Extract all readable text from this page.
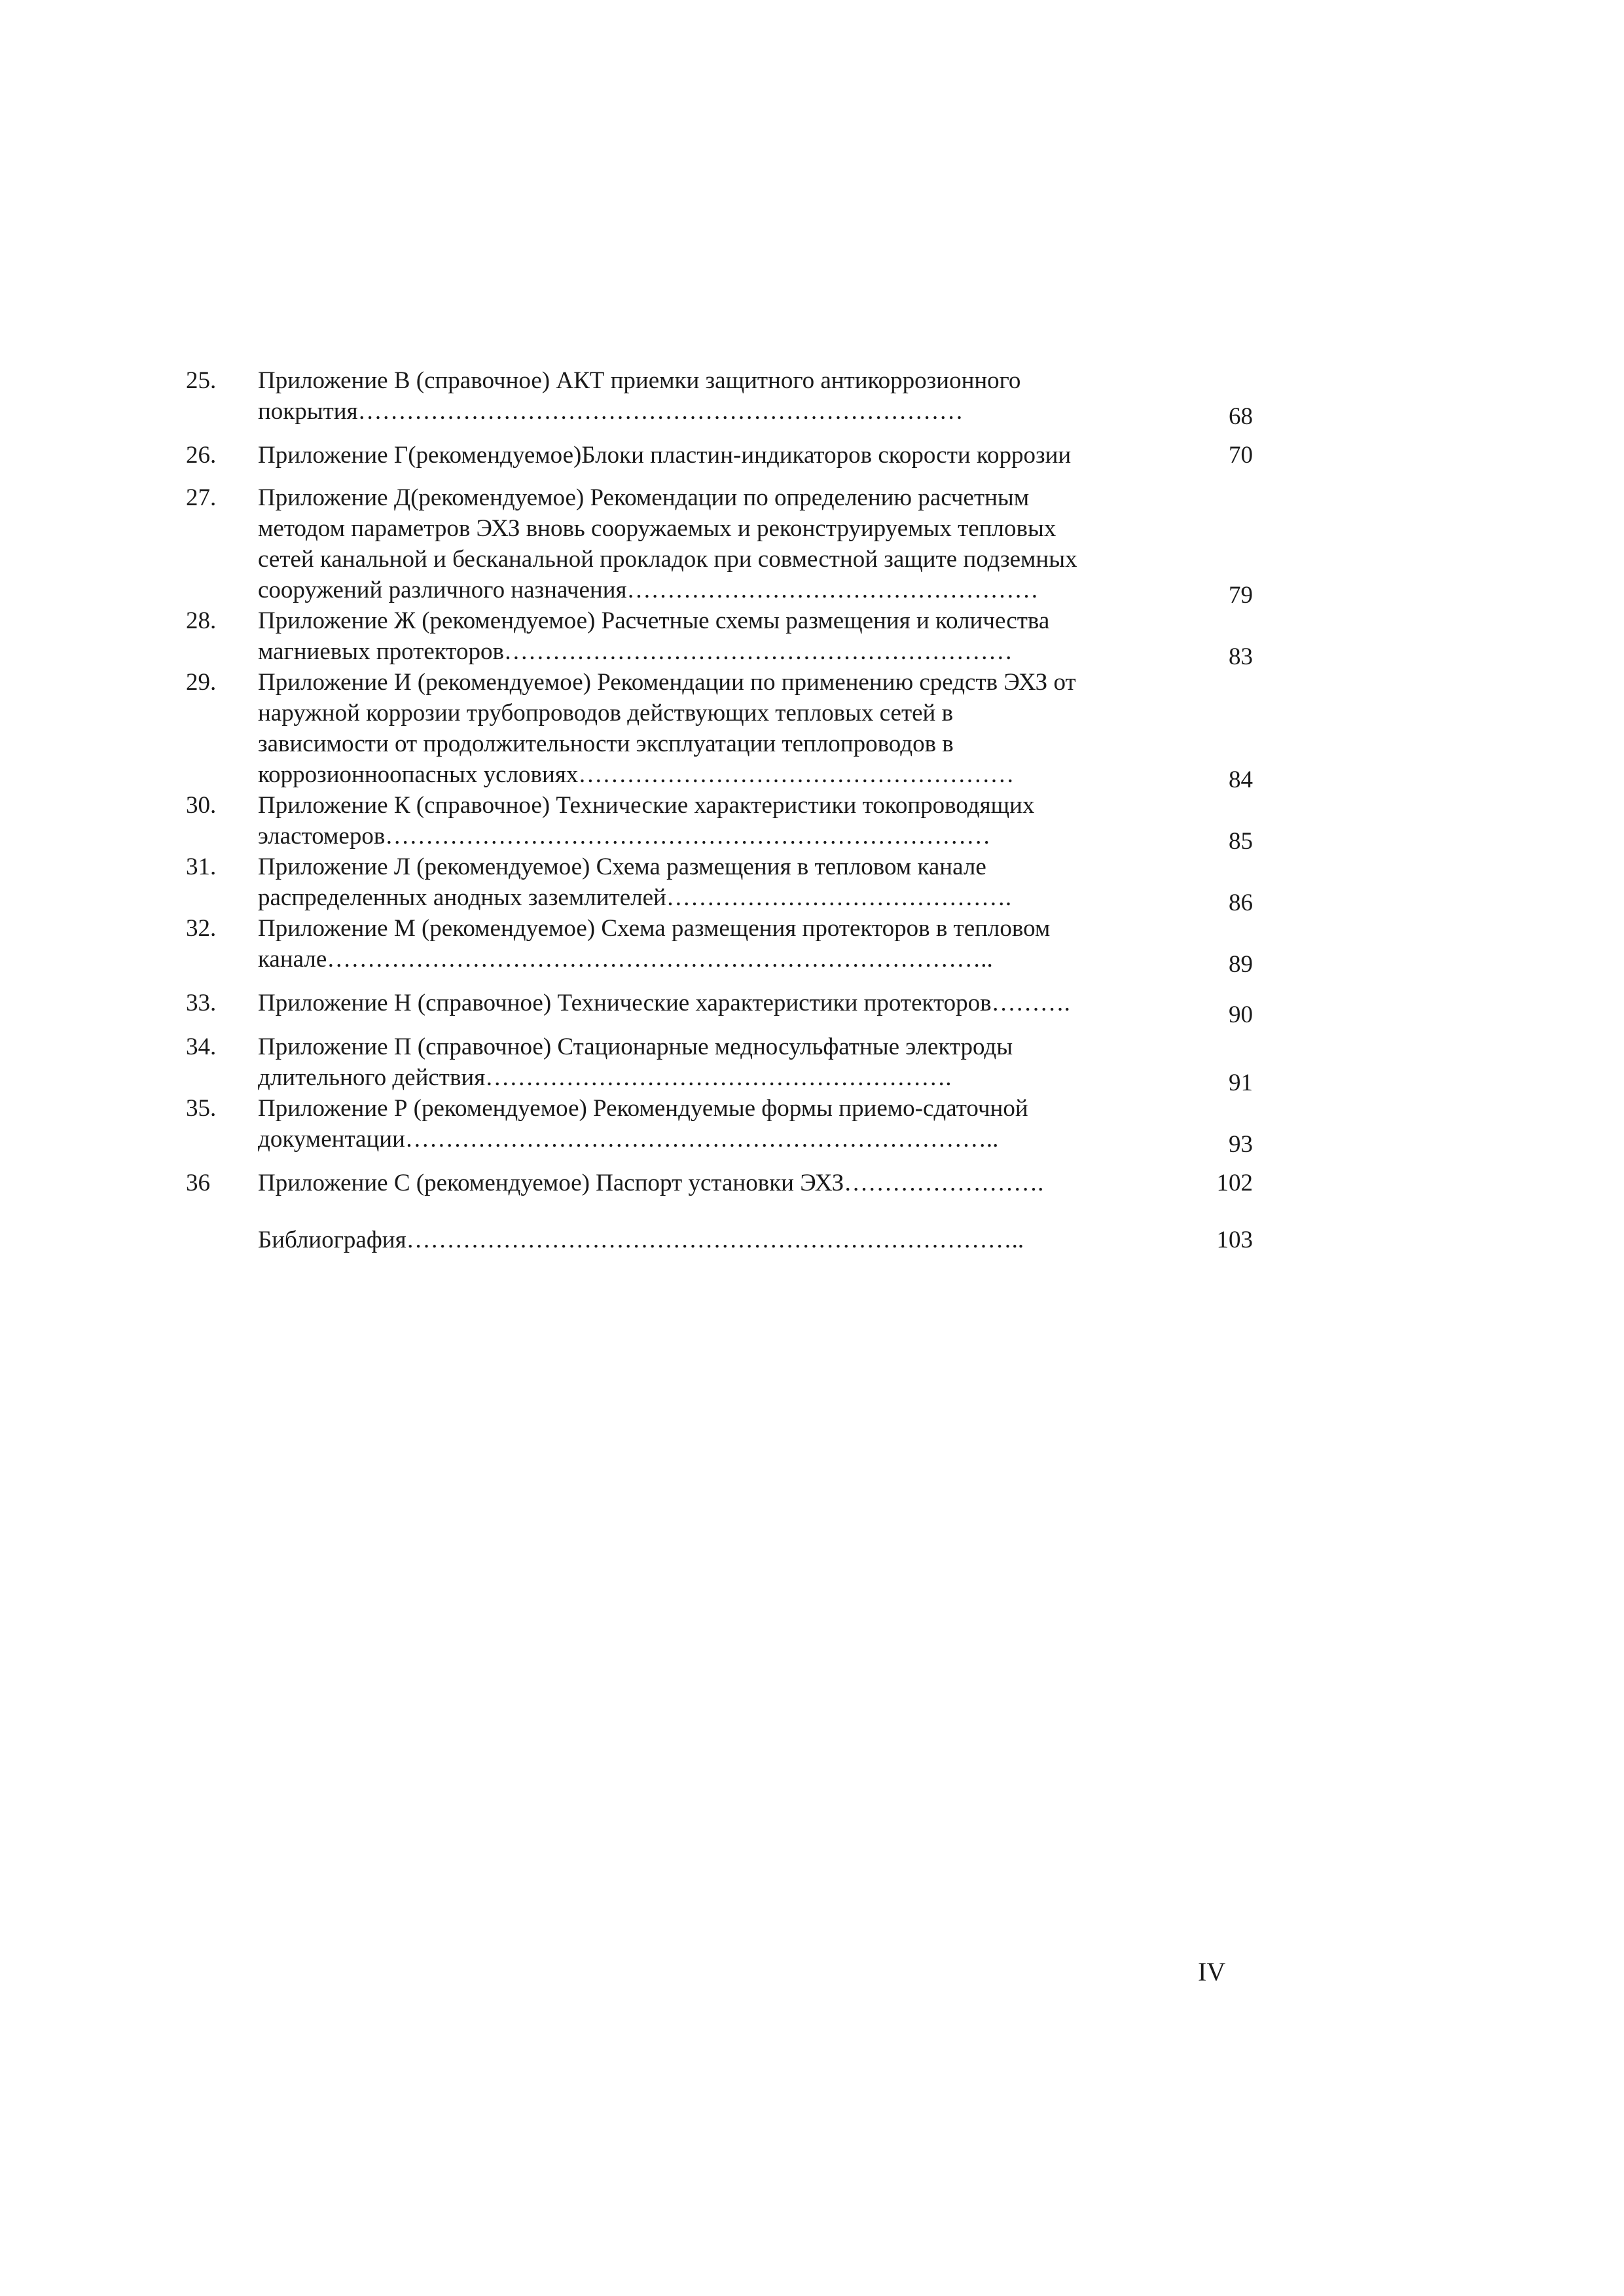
25.	Приложение В (справочное) АКТ приемки защитного антикоррозионного
покрытия…………………………………………………………………	68
26.	Приложение Г(рекомендуемое)Блоки пластин-индикаторов скорости коррозии	70
27.	Приложение Д(рекомендуемое) Рекомендации по определению расчетным
методом параметров ЭХЗ вновь сооружаемых и реконструируемых тепловых
сетей канальной и бесканальной прокладок при совместной защите подземных
сооружений различного назначения……………………………………………	79
28.	Приложение Ж (рекомендуемое) Расчетные схемы размещения и количества
магниевых протекторов………………………………………………………	83
29.	Приложение И (рекомендуемое) Рекомендации по применению средств ЭХЗ от
наружной коррозии трубопроводов действующих тепловых сетей в
зависимости от продолжительности эксплуатации теплопроводов в
коррозионноопасных условиях………………………………………………	84
30.	Приложение К (справочное) Технические характеристики токопроводящих
эластомеров…………………………………………………………………	85
31.	Приложение Л (рекомендуемое) Схема размещения в тепловом канале
распределенных анодных заземлителей…………………………………….	86
32.	Приложение М (рекомендуемое) Схема размещения протекторов в тепловом
канале………………………………………………………………………..	89
33.	Приложение Н (справочное) Технические характеристики протекторов……….	90
34.	Приложение П (справочное) Стационарные медносульфатные электроды
длительного действия………………………………………………….	91
35.	Приложение Р (рекомендуемое) Рекомендуемые формы приемо-сдаточной
документации………………………………………………………………..	93
36	Приложение С (рекомендуемое) Паспорт установки ЭХЗ…………………….	102
Библиография…………………………………………………………………..	103
IV
